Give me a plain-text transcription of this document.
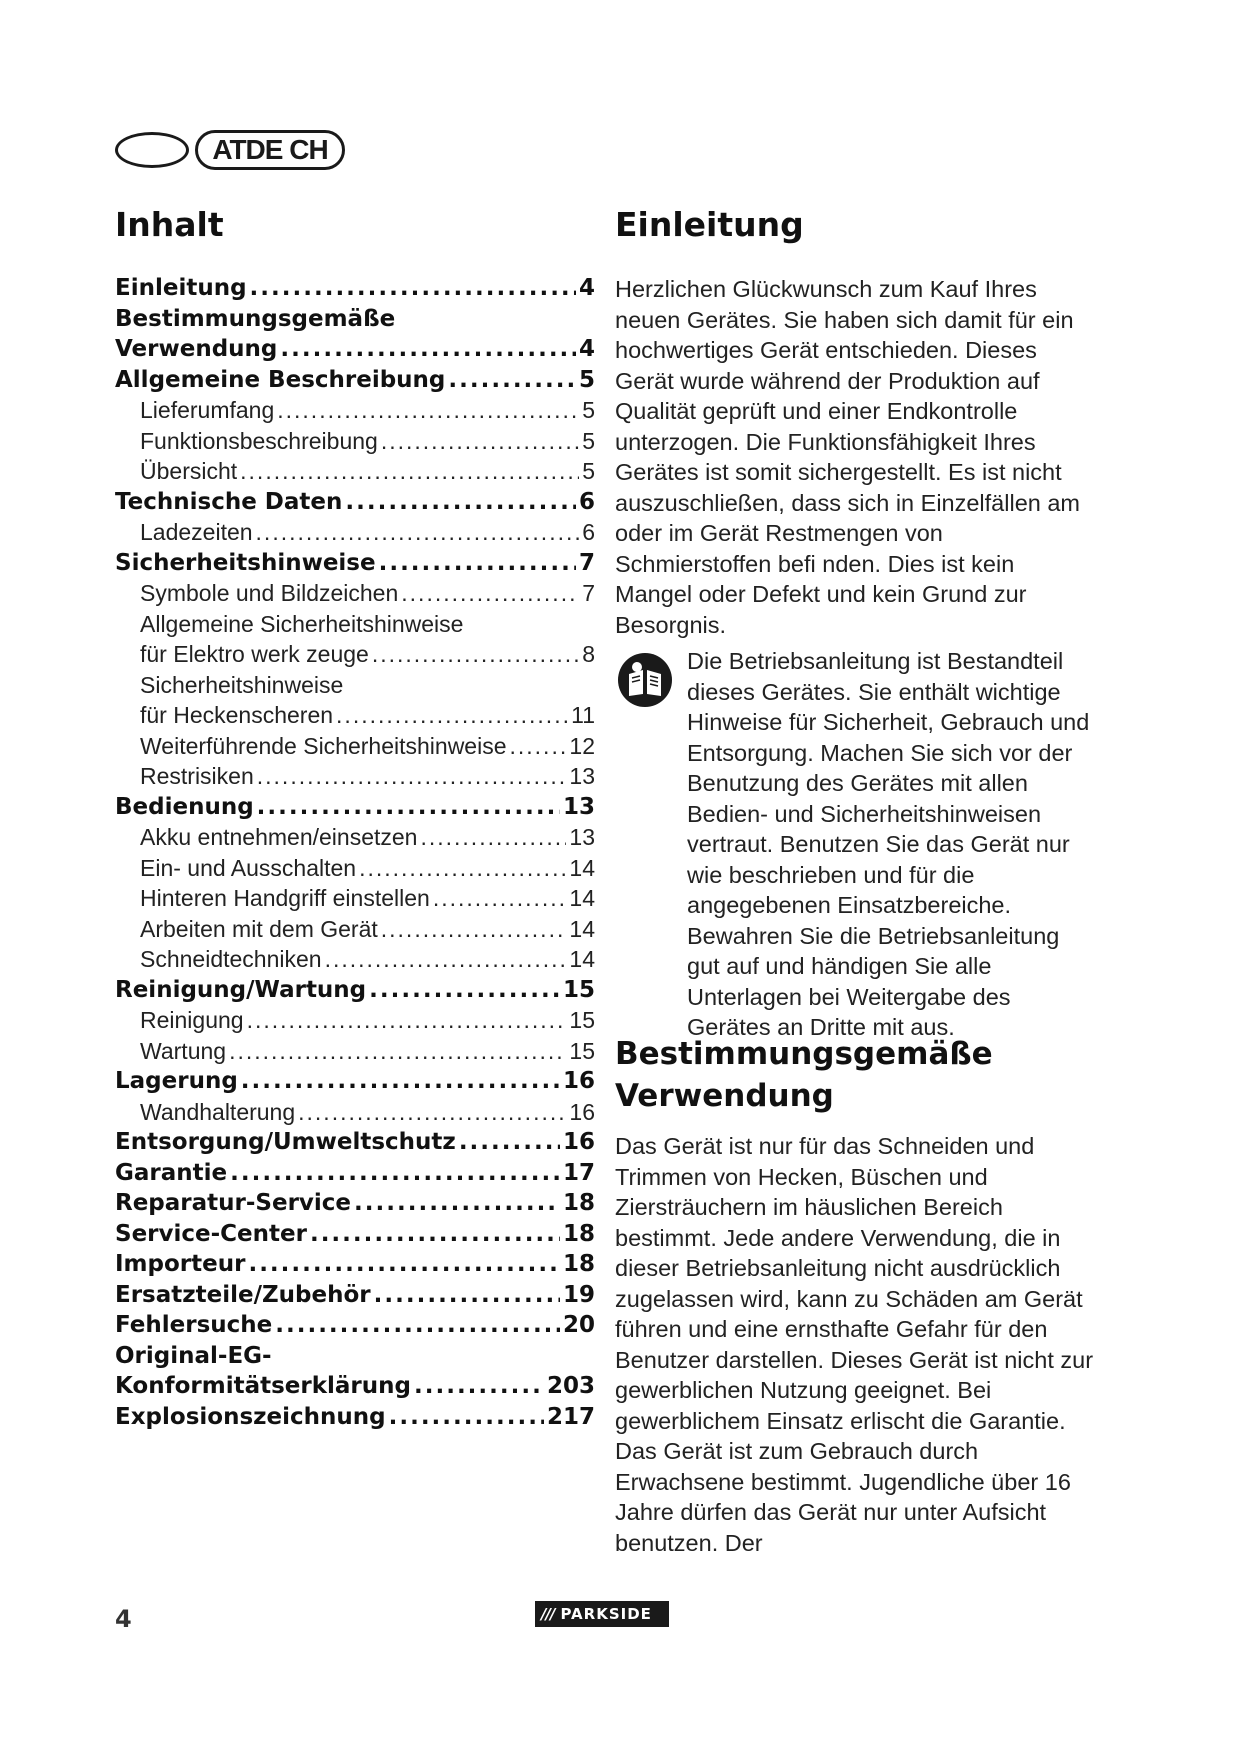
ATDE CH
Inhalt
Einleitung .....	4
Bestimmungsgemäße
Verwendung .....	4
Allgemeine Beschreibung .....	5
Lieferumfang .....	5
Funktionsbeschreibung .....	5
Übersicht .....	5
Technische Daten .....	6
Ladezeiten .....	6
Sicherheitshinweise .....	7
Symbole und Bildzeichen .....	7
Allgemeine Sicherheitshinweise
für Elektro werk zeuge .....	8
Sicherheitshinweise
für Heckenscheren .....	11
Weiterführende Sicherheitshinweise .....	12
Restrisiken .....	13
Bedienung .....	13
Akku entnehmen/einsetzen .....	13
Ein- und Ausschalten .....	14
Hinteren Handgriff einstellen .....	14
Arbeiten mit dem Gerät .....	14
Schneidtechniken .....	14
Reinigung/Wartung .....	15
Reinigung .....	15
Wartung .....	15
Lagerung .....	16
Wandhalterung .....	16
Entsorgung/Umweltschutz .....	16
Garantie .....	17
Reparatur-Service .....	18
Service-Center .....	18
Importeur .....	18
Ersatzteile/Zubehör .....	19
Fehlersuche .....	20
Original-EG-
Konformitätserklärung .....	203
Explosionszeichnung .....	217
Einleitung

Herzlichen Glückwunsch zum Kauf Ihres neuen Gerätes. Sie haben sich damit für ein hochwertiges Gerät entschieden. Dieses Gerät wurde während der Produktion auf Qualität geprüft und einer Endkontrolle unterzogen. Die Funktionsfähigkeit Ihres Gerätes ist somit sichergestellt. Es ist nicht auszuschließen, dass sich in Einzelfällen am oder im Gerät Restmengen von Schmierstoffen befi nden. Dies ist kein Mangel oder Defekt und kein Grund zur Besorgnis.

Die Betriebsanleitung ist Bestandteil dieses Gerätes. Sie enthält wichtige Hinweise für Sicherheit, Gebrauch und Entsorgung. Machen Sie sich vor der Benutzung des Gerätes mit allen Bedien- und Sicherheitshinweisen vertraut. Benutzen Sie das Gerät nur wie beschrieben und für die angegebenen Einsatzbereiche. Bewahren Sie die Betriebsanleitung gut auf und händigen Sie alle Unterlagen bei Weitergabe des Gerätes an Dritte mit aus.

Bestimmungsgemäße Verwendung

Das Gerät ist nur für das Schneiden und Trimmen von Hecken, Büschen und Ziersträuchern im häuslichen Bereich bestimmt. Jede andere Verwendung, die in dieser Betriebsanleitung nicht ausdrücklich zugelassen wird, kann zu Schäden am Gerät führen und eine ernsthafte Gefahr für den Benutzer darstellen. Dieses Gerät ist nicht zur gewerblichen Nutzung geeignet. Bei gewerblichem Einsatz erlischt die Garantie. Das Gerät ist zum Gebrauch durch Erwachsene bestimmt. Jugendliche über 16 Jahre dürfen das Gerät nur unter Aufsicht benutzen. Der

4	/// PARKSIDE
